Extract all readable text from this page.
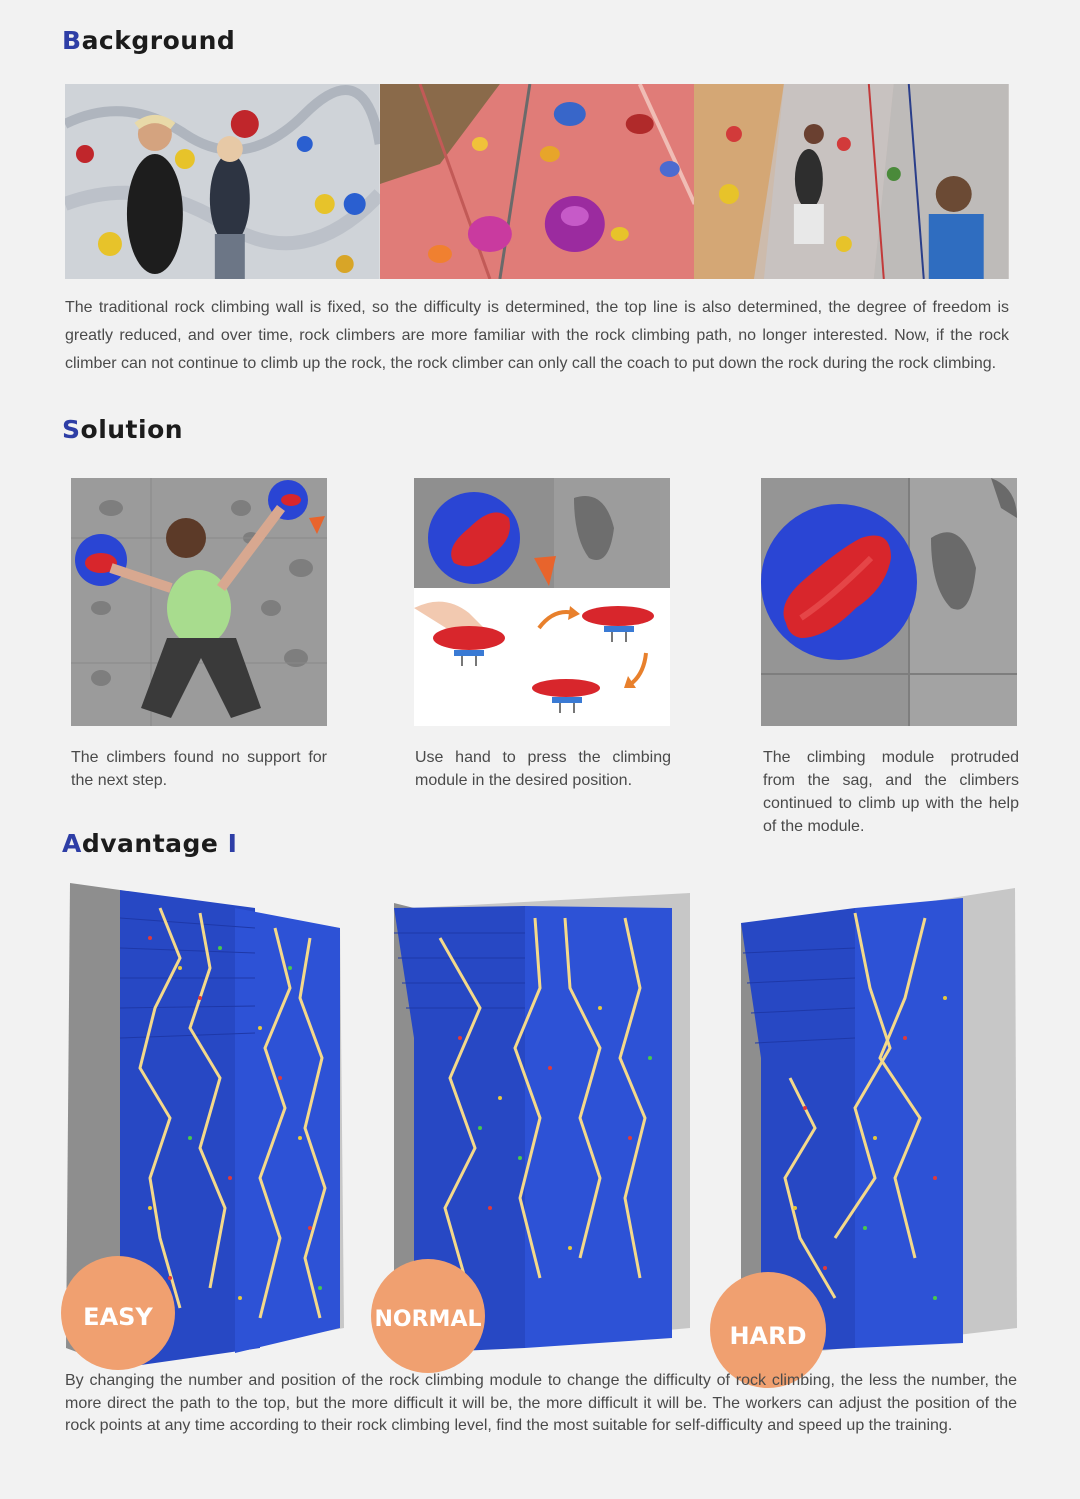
Background

The traditional rock climbing wall is fixed, so the difficulty is determined, the top line is also determined, the degree of freedom is greatly reduced, and over time, rock climbers are more familiar with the rock climbing path, no longer interested. Now, if the rock climber can not continue to climb up the rock, the rock climber can only call the coach to put down the rock during the rock climbing.

Solution

The climbers found no support for the next step.

Use hand to press the climbing module in the desired position.

The climbing module protruded from the sag, and the climbers continued to climb up with the help of the module.

Advantage I
EASY	NORMAL
HARD

By changing the number and position of the rock climbing module to change the difficulty of rock climbing, the less the number, the more direct the path to the top, but the more difficult it will be, the more difficult it will be. The workers can adjust the position of the rock points at any time according to their rock climbing level, find the most suitable for self-difficulty and speed up the training.
